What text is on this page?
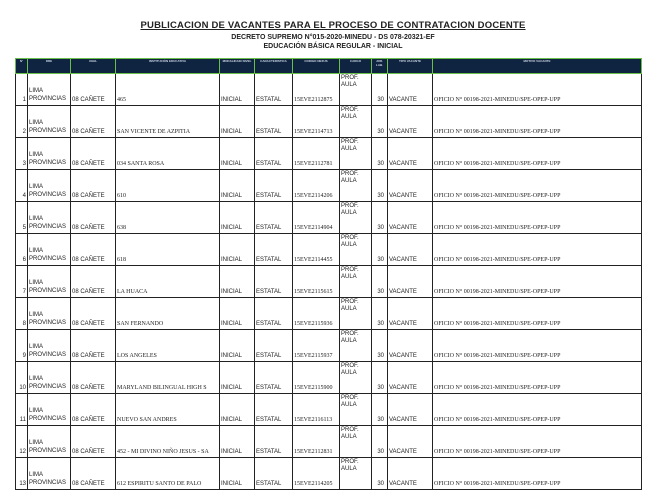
PUBLICACION DE VACANTES PARA EL PROCESO DE CONTRATACION DOCENTE
DECRETO SUPREMO N°015-2020-MINEDU - DS 078-20321-EF
EDUCACIÓN BÁSICA REGULAR - INICIAL
N°	DRE	UGEL	INSTITUCIÓN EDUCATIVA	MODALIDAD/ NIVEL	CARACTERISTICA	CODIGO NEXUS	CARGO	JOR. LAB.	TIPO VACANTE	MOTIVO VACANTE
1	LIMA PROVINCIAS	08 CAÑETE	465	INICIAL	ESTATAL	15EVE2112875	PROF. AULA	30	VACANTE	OFICIO N° 00198-2021-MINEDU/SPE-OPEP-UPP
2	LIMA PROVINCIAS	08 CAÑETE	SAN VICENTE DE AZPITIA	INICIAL	ESTATAL	15EVE2114713	PROF. AULA	30	VACANTE	OFICIO N° 00198-2021-MINEDU/SPE-OPEP-UPP
3	LIMA PROVINCIAS	08 CAÑETE	034 SANTA ROSA	INICIAL	ESTATAL	15EVE2112781	PROF. AULA	30	VACANTE	OFICIO N° 00198-2021-MINEDU/SPE-OPEP-UPP
4	LIMA PROVINCIAS	08 CAÑETE	610	INICIAL	ESTATAL	15EVE2114206	PROF. AULA	30	VACANTE	OFICIO N° 00198-2021-MINEDU/SPE-OPEP-UPP
5	LIMA PROVINCIAS	08 CAÑETE	638	INICIAL	ESTATAL	15EVE2114904	PROF. AULA	30	VACANTE	OFICIO N° 00198-2021-MINEDU/SPE-OPEP-UPP
6	LIMA PROVINCIAS	08 CAÑETE	618	INICIAL	ESTATAL	15EVE2114455	PROF. AULA	30	VACANTE	OFICIO N° 00198-2021-MINEDU/SPE-OPEP-UPP
7	LIMA PROVINCIAS	08 CAÑETE	LA HUACA	INICIAL	ESTATAL	15EVE2115615	PROF. AULA	30	VACANTE	OFICIO N° 00198-2021-MINEDU/SPE-OPEP-UPP
8	LIMA PROVINCIAS	08 CAÑETE	SAN FERNANDO	INICIAL	ESTATAL	15EVE2115936	PROF. AULA	30	VACANTE	OFICIO N° 00198-2021-MINEDU/SPE-OPEP-UPP
9	LIMA PROVINCIAS	08 CAÑETE	LOS ANGELES	INICIAL	ESTATAL	15EVE2115937	PROF. AULA	30	VACANTE	OFICIO N° 00198-2021-MINEDU/SPE-OPEP-UPP
10	LIMA PROVINCIAS	08 CAÑETE	MARYLAND BILINGUAL HIGH S	INICIAL	ESTATAL	15EVE2115900	PROF. AULA	30	VACANTE	OFICIO N° 00198-2021-MINEDU/SPE-OPEP-UPP
11	LIMA PROVINCIAS	08 CAÑETE	NUEVO SAN ANDRES	INICIAL	ESTATAL	15EVE2116113	PROF. AULA	30	VACANTE	OFICIO N° 00198-2021-MINEDU/SPE-OPEP-UPP
12	LIMA PROVINCIAS	08 CAÑETE	452 - MI DIVINO NIÑO JESUS - SA	INICIAL	ESTATAL	15EVE2112831	PROF. AULA	30	VACANTE	OFICIO N° 00198-2021-MINEDU/SPE-OPEP-UPP
13	LIMA PROVINCIAS	08 CAÑETE	612 ESPIRITU SANTO DE PALO	INICIAL	ESTATAL	15EVE2114205	PROF. AULA	30	VACANTE	OFICIO N° 00198-2021-MINEDU/SPE-OPEP-UPP
